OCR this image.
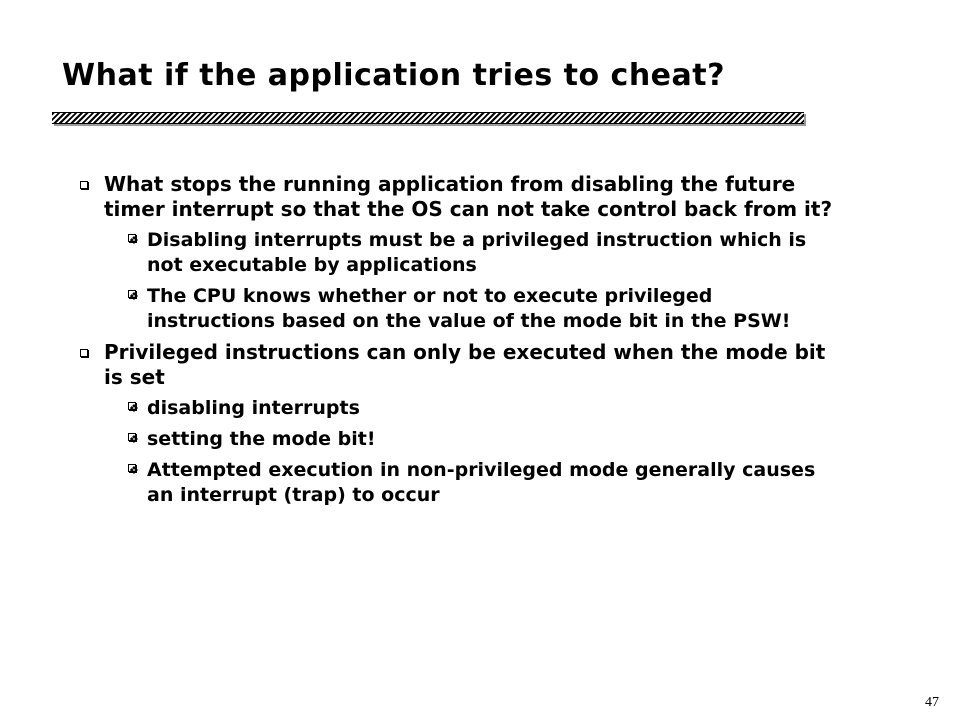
What if the application tries to cheat?
What stops the running application from disabling the future timer interrupt so that the OS can not take control back from it?
❖ Disabling interrupts must be a privileged instruction which is not executable by applications
❖ The CPU knows whether or not to execute privileged instructions based on the value of the mode bit in the PSW!
Privileged instructions can only be executed when the mode bit is set
❖ disabling interrupts
❖ setting the mode bit!
❖ Attempted execution in non-privileged mode generally causes an interrupt (trap) to occur
47
